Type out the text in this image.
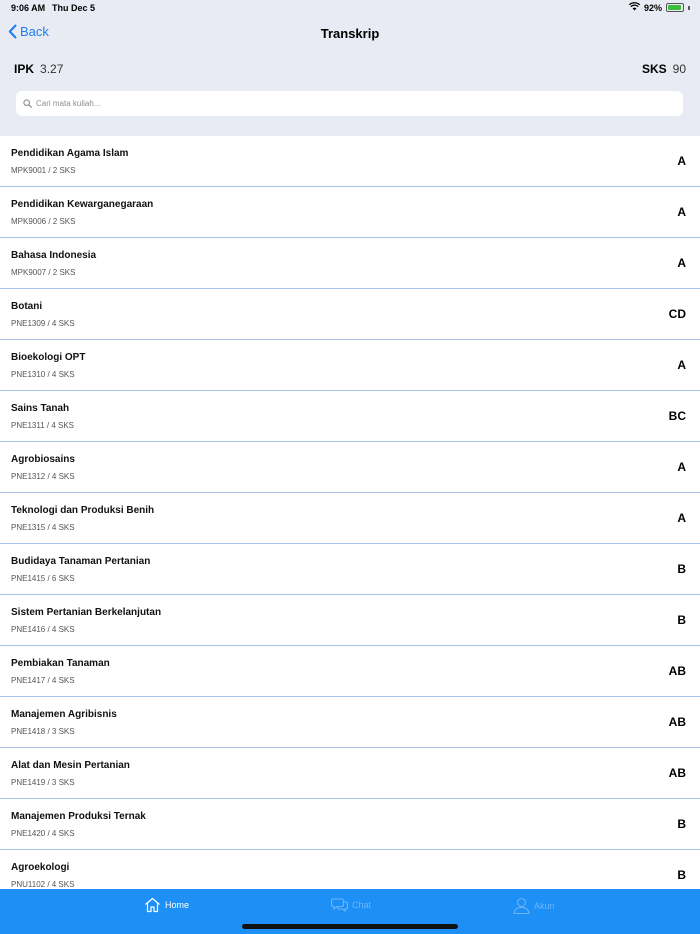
9:06 AM Thu Dec 5	92%
Back	Transkrip
IPK 3.27	SKS 90
Cari mata kuliah...
Pendidikan Agama Islam
MPK9001 / 2 SKS
A
Pendidikan Kewarganegaraan
MPK9006 / 2 SKS
A
Bahasa Indonesia
MPK9007 / 2 SKS
A
Botani
PNE1309 / 4 SKS
CD
Bioekologi OPT
PNE1310 / 4 SKS
A
Sains Tanah
PNE1311 / 4 SKS
BC
Agrobiosains
PNE1312 / 4 SKS
A
Teknologi dan Produksi Benih
PNE1315 / 4 SKS
A
Budidaya Tanaman Pertanian
PNE1415 / 6 SKS
B
Sistem Pertanian Berkelanjutan
PNE1416 / 4 SKS
B
Pembiakan Tanaman
PNE1417 / 4 SKS
AB
Manajemen Agribisnis
PNE1418 / 3 SKS
AB
Alat dan Mesin Pertanian
PNE1419 / 3 SKS
AB
Manajemen Produksi Ternak
PNE1420 / 4 SKS
B
Agroekologi
PNU1102 / 4 SKS
B
Home	Chat	Akun
